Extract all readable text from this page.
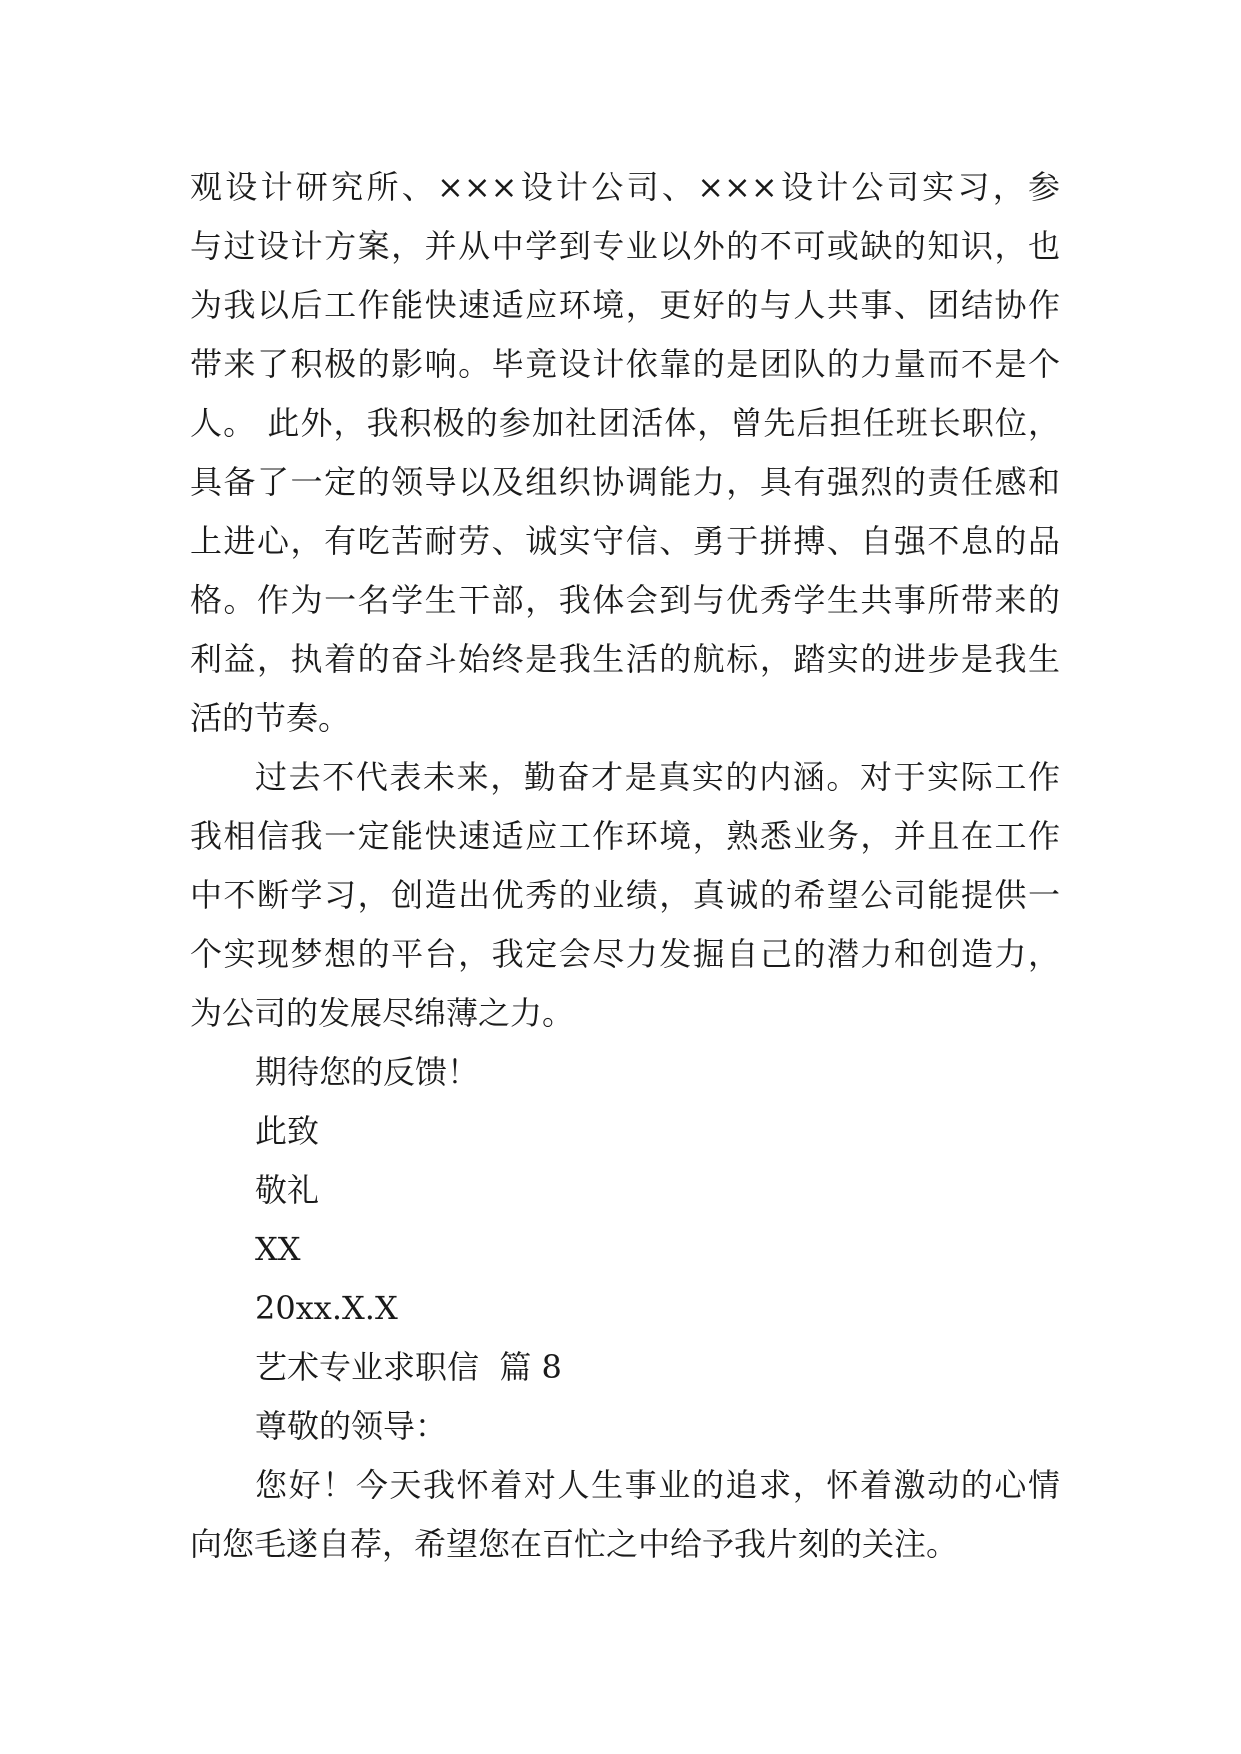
观设计研究所、×××设计公司、×××设计公司实习，参
与过设计方案，并从中学到专业以外的不可或缺的知识，也
为我以后工作能快速适应环境，更好的与人共事、团结协作
带来了积极的影响。毕竟设计依靠的是团队的力量而不是个
人。 此外，我积极的参加社团活体，曾先后担任班长职位，
具备了一定的领导以及组织协调能力，具有强烈的责任感和
上进心，有吃苦耐劳、诚实守信、勇于拼搏、自强不息的品
格。作为一名学生干部，我体会到与优秀学生共事所带来的
利益，执着的奋斗始终是我生活的航标，踏实的进步是我生
活的节奏。
过去不代表未来，勤奋才是真实的内涵。对于实际工作
我相信我一定能快速适应工作环境，熟悉业务，并且在工作
中不断学习，创造出优秀的业绩，真诚的希望公司能提供一
个实现梦想的平台，我定会尽力发掘自己的潜力和创造力，
为公司的发展尽绵薄之力。
期待您的反馈！
此致
敬礼
XX
20xx.X.X
艺术专业求职信  篇 8
尊敬的领导：
您好！今天我怀着对人生事业的追求，怀着激动的心情
向您毛遂自荐，希望您在百忙之中给予我片刻的关注。
